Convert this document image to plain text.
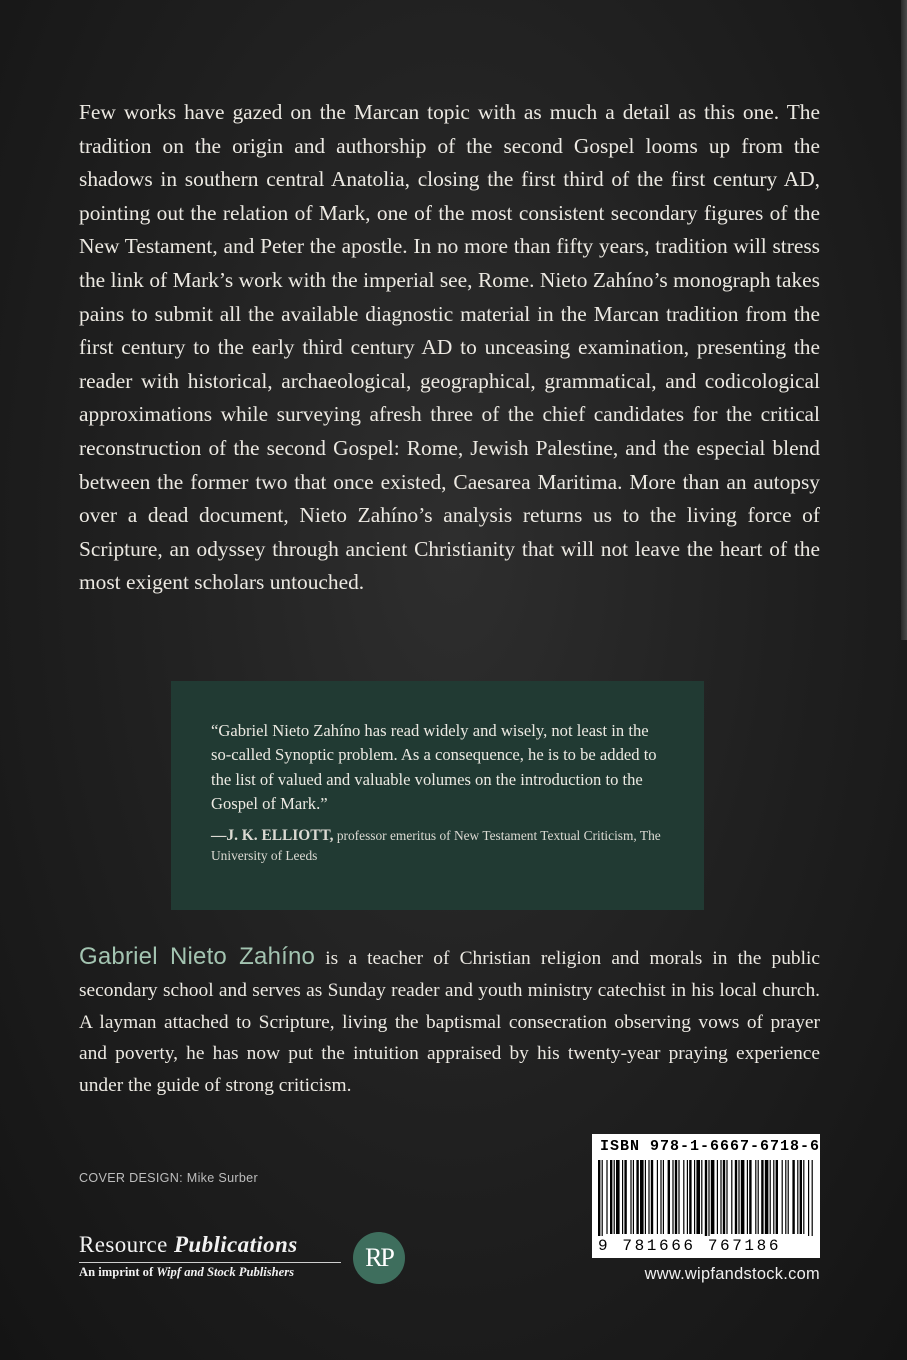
Few works have gazed on the Marcan topic with as much a detail as this one. The tradition on the origin and authorship of the second Gospel looms up from the shadows in southern central Anatolia, closing the first third of the first century AD, pointing out the relation of Mark, one of the most consistent secondary figures of the New Testament, and Peter the apostle. In no more than fifty years, tradition will stress the link of Mark’s work with the imperial see, Rome. Nieto Zahíno’s monograph takes pains to submit all the available diagnostic material in the Marcan tradition from the first century to the early third century AD to unceasing examination, presenting the reader with historical, archaeological, geographical, grammatical, and codicological approximations while surveying afresh three of the chief candidates for the critical reconstruction of the second Gospel: Rome, Jewish Palestine, and the especial blend between the former two that once existed, Caesarea Maritima. More than an autopsy over a dead document, Nieto Zahíno’s analysis returns us to the living force of Scripture, an odyssey through ancient Christianity that will not leave the heart of the most exigent scholars untouched.

“Gabriel Nieto Zahíno has read widely and wisely, not least in the so-called Synoptic problem. As a consequence, he is to be added to the list of valued and valuable volumes on the introduction to the Gospel of Mark.”

—J. K. ELLIOTT, professor emeritus of New Testament Textual Criticism, The University of Leeds

Gabriel Nieto Zahíno is a teacher of Christian religion and morals in the public secondary school and serves as Sunday reader and youth ministry catechist in his local church. A layman attached to Scripture, living the baptismal consecration observing vows of prayer and poverty, he has now put the intuition appraised by his twenty-year praying experience under the guide of strong criticism.

COVER DESIGN: Mike Surber
Resource Publications
An imprint of Wipf and Stock Publishers	RP
ISBN 978-1-6667-6718-6
9 781666 767186
www.wipfandstock.com
